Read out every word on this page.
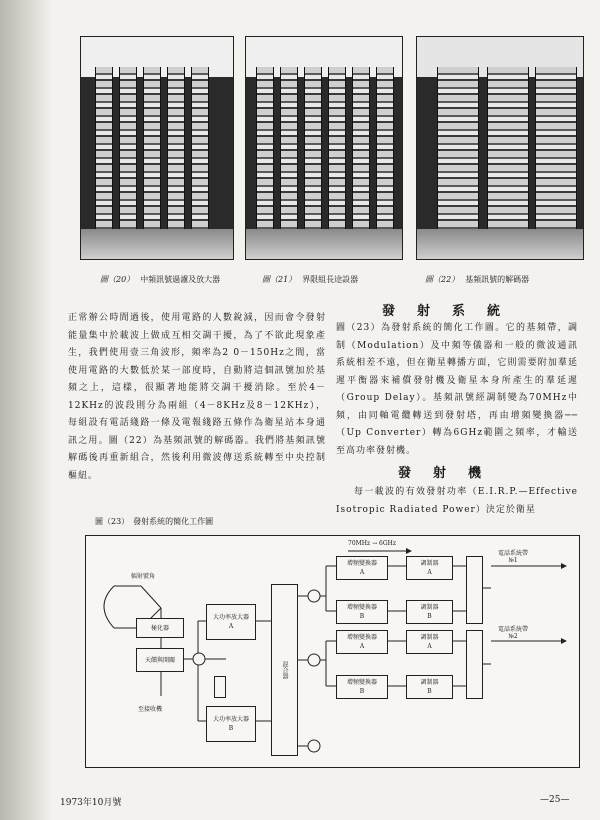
圖（20） 中頻訊號過濾及放大器	圖（21） 界限組長途設器	圖（22） 基頻訊號的解碼器
正常辦公時間過後，使用電路的人數銳減，因而會令發射能量集中於載波上做成互相交調干擾，為了不欲此現象產生，我們使用壹三角波形，頻率為2 0－150Hz之間，當使用電路的大數低於某一部度時，自動將這個訊號加於基頻之上，這樣，很顯著地能將交調干擾消除。至於4－12KHz的波段則分為兩組（4－8KHz及8－12KHz），每組設有電話綫路一條及電報綫路五條作為衛星站本身通訊之用。圖（22）為基頻訊號的解碼器。我們將基頻訊號解碼後再重新組合，然後利用微波傳送系統轉至中央控制樞紐。
發射系統
圖（23）為發射系統的簡化工作圖。它的基頻帶，調制（Modulation）及中頻等儀器和一般的微波通訊系統相差不遠，但在衛星轉播方面，它則需要附加羣延遲平衡器來補償發射機及衛星本身所產生的羣延遲（Group Delay）。基頻訊號經調制變為70MHz中頻，由同軸電纜轉送到發射塔，再由增頻變換器──（Up Converter）轉為6GHz範圍之頻率，才輸送至高功率發射機。
發射機
每一載波的有效發射功率（E.I.R.P.—Effective Isotropic Radiated Power）決定於衛星
圖（23）　發射系統的簡化工作圖
輻射號角
極化器
天饋與開關
至接收機
大功率放大器
A
大功率放大器
B
混合器
70MHz → 6GHz
增頻變換器
A
增頻變換器
B
增頻變換器
A
增頻變換器
B
調制器
A
調制器
B
調制器
A
調制器
B
電話系統帶
№1
電話系統帶
№2
1973年10月號	—25—
